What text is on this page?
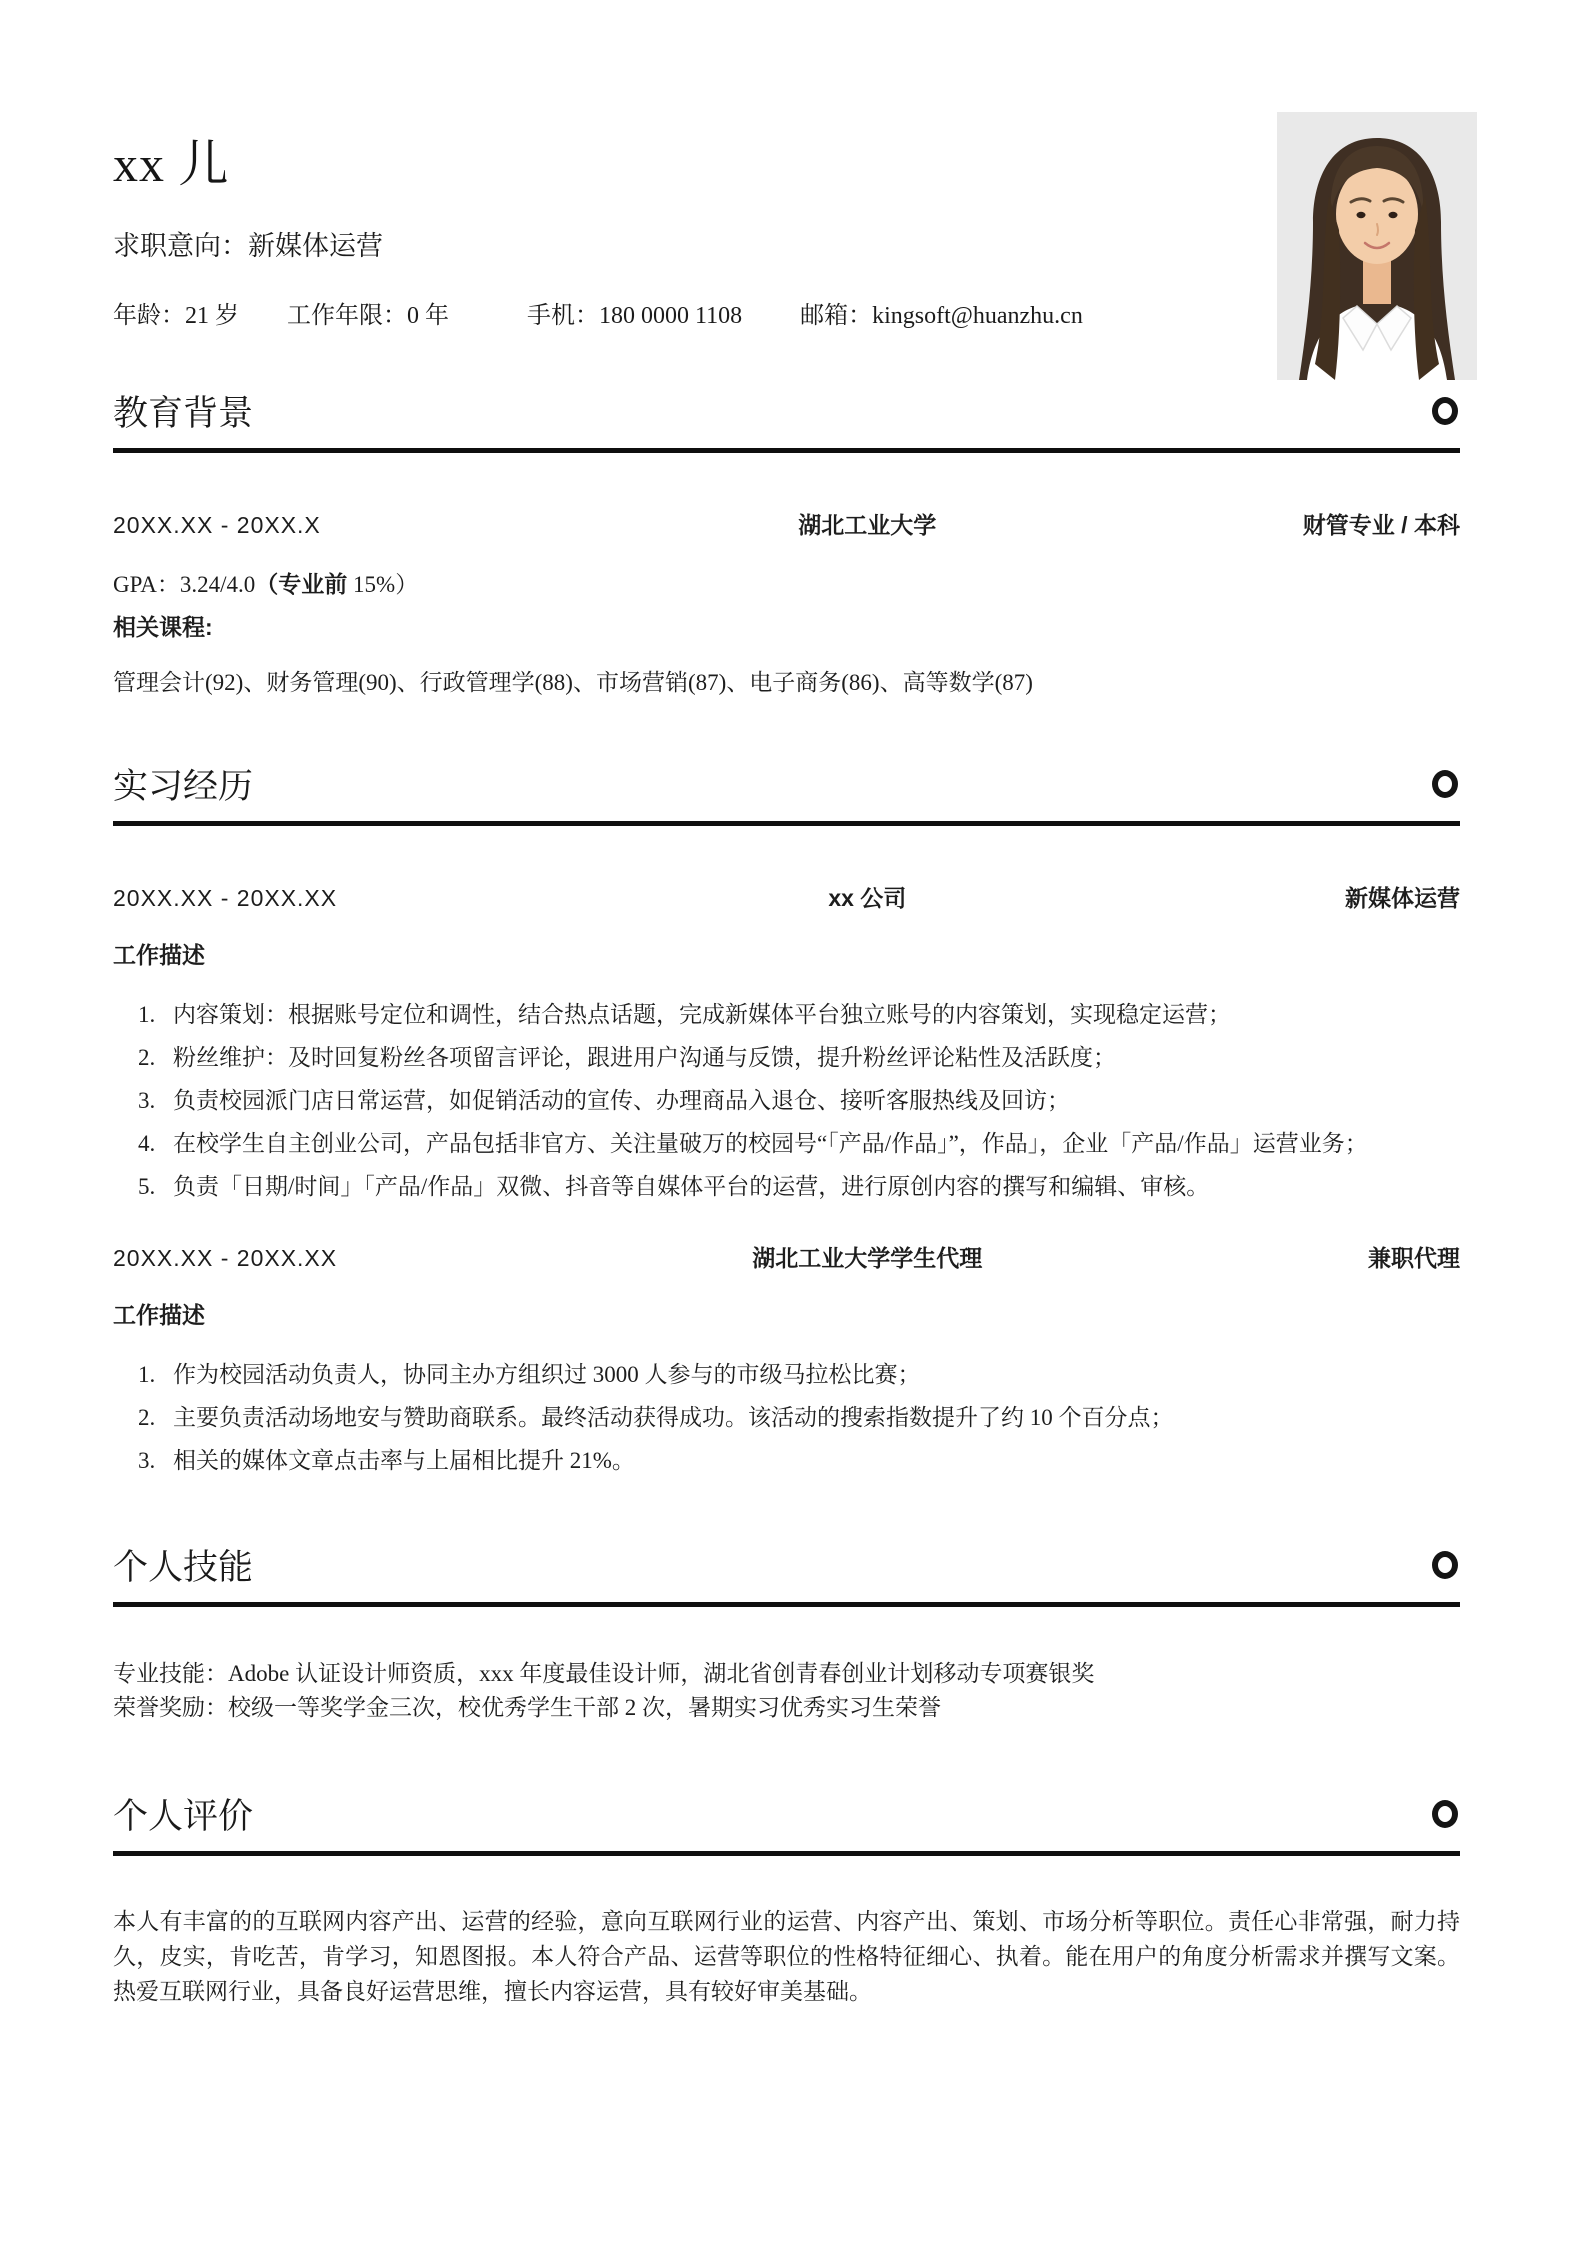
xx 儿
求职意向：新媒体运营
年龄：21 岁 工作年限：0 年	手机：180 0000 1108 邮箱：kingsoft@huanzhu.cn
教育背景
20XX.XX - 20XX.X	湖北工业大学	财管专业 / 本科
GPA：3.24/4.0（专业前 15%）
相关课程:
管理会计(92)、财务管理(90)、行政管理学(88)、市场营销(87)、电子商务(86)、高等数学(87)
实习经历
20XX.XX - 20XX.XX	xx 公司	新媒体运营
工作描述
1. 内容策划：根据账号定位和调性，结合热点话题，完成新媒体平台独立账号的内容策划，实现稳定运营；
2. 粉丝维护：及时回复粉丝各项留言评论，跟进用户沟通与反馈，提升粉丝评论粘性及活跃度；
3. 负责校园派门店日常运营，如促销活动的宣传、办理商品入退仓、接听客服热线及回访；
4. 在校学生自主创业公司，产品包括非官方、关注量破万的校园号“「产品/作品」”，作品」，企业「产品/作品」运营业务；
5. 负责「日期/时间」「产品/作品」双微、抖音等自媒体平台的运营，进行原创内容的撰写和编辑、审核。
20XX.XX - 20XX.XX	湖北工业大学学生代理	兼职代理
工作描述
1. 作为校园活动负责人，协同主办方组织过 3000 人参与的市级马拉松比赛；
2. 主要负责活动场地安与赞助商联系。最终活动获得成功。该活动的搜索指数提升了约 10 个百分点；
3. 相关的媒体文章点击率与上届相比提升 21%。
个人技能
专业技能：Adobe 认证设计师资质，xxx 年度最佳设计师，湖北省创青春创业计划移动专项赛银奖
荣誉奖励：校级一等奖学金三次，校优秀学生干部 2 次，暑期实习优秀实习生荣誉
个人评价

本人有丰富的的互联网内容产出、运营的经验，意向互联网行业的运营、内容产出、策划、市场分析等职位。责任心非常强，耐力持久，皮实，肯吃苦，肯学习，知恩图报。本人符合产品、运营等职位的性格特征细心、执着。能在用户的角度分析需求并撰写文案。热爱互联网行业，具备良好运营思维，擅长内容运营，具有较好审美基础。
